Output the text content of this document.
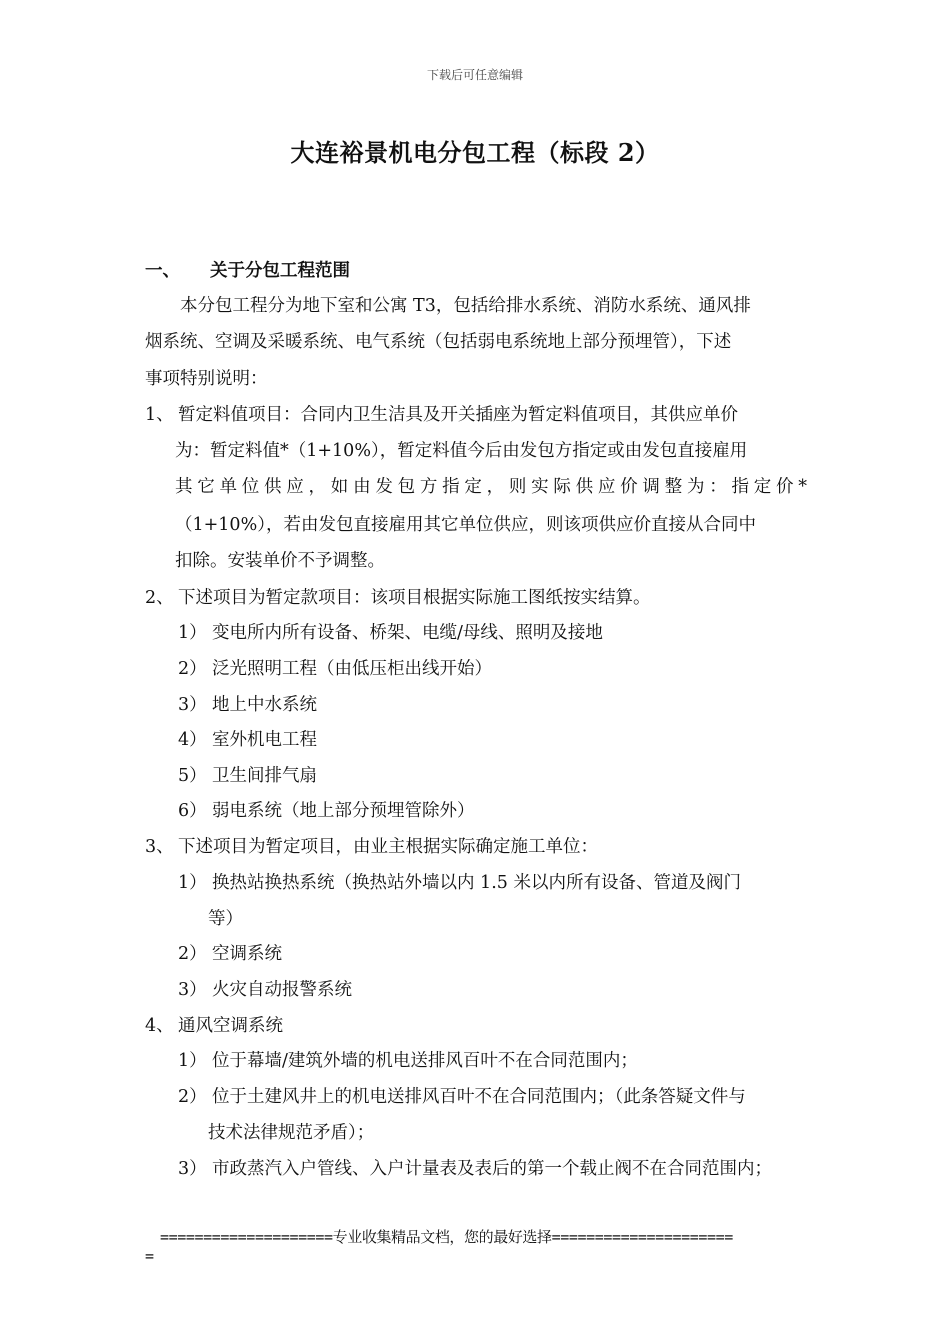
下载后可任意编辑
大连裕景机电分包工程（标段 2）
一、 关于分包工程范围
本分包工程分为地下室和公寓 T3，包括给排水系统、消防水系统、通风排
烟系统、空调及采暖系统、电气系统（包括弱电系统地上部分预埋管），下述
事项特别说明：
1、 暂定料值项目：合同内卫生洁具及开关插座为暂定料值项目，其供应单价
为：暂定料值*（1+10%），暂定料值今后由发包方指定或由发包直接雇用
其它单位供应，如由发包方指定，则实际供应价调整为：指定价*
（1+10%），若由发包直接雇用其它单位供应，则该项供应价直接从合同中
扣除。安装单价不予调整。
2、 下述项目为暂定款项目：该项目根据实际施工图纸按实结算。
1） 变电所内所有设备、桥架、电缆/母线、照明及接地
2） 泛光照明工程（由低压柜出线开始）
3） 地上中水系统
4） 室外机电工程
5） 卫生间排气扇
6） 弱电系统（地上部分预埋管除外）
3、 下述项目为暂定项目，由业主根据实际确定施工单位：
1） 换热站换热系统（换热站外墙以内 1.5 米以内所有设备、管道及阀门
等）
2） 空调系统
3） 火灾自动报警系统
4、 通风空调系统
1） 位于幕墙/建筑外墙的机电送排风百叶不在合同范围内；
2） 位于土建风井上的机电送排风百叶不在合同范围内；（此条答疑文件与
技术法律规范矛盾）；
3） 市政蒸汽入户管线、入户计量表及表后的第一个载止阀不在合同范围内；
====================专业收集精品文档，您的最好选择=====================
=
